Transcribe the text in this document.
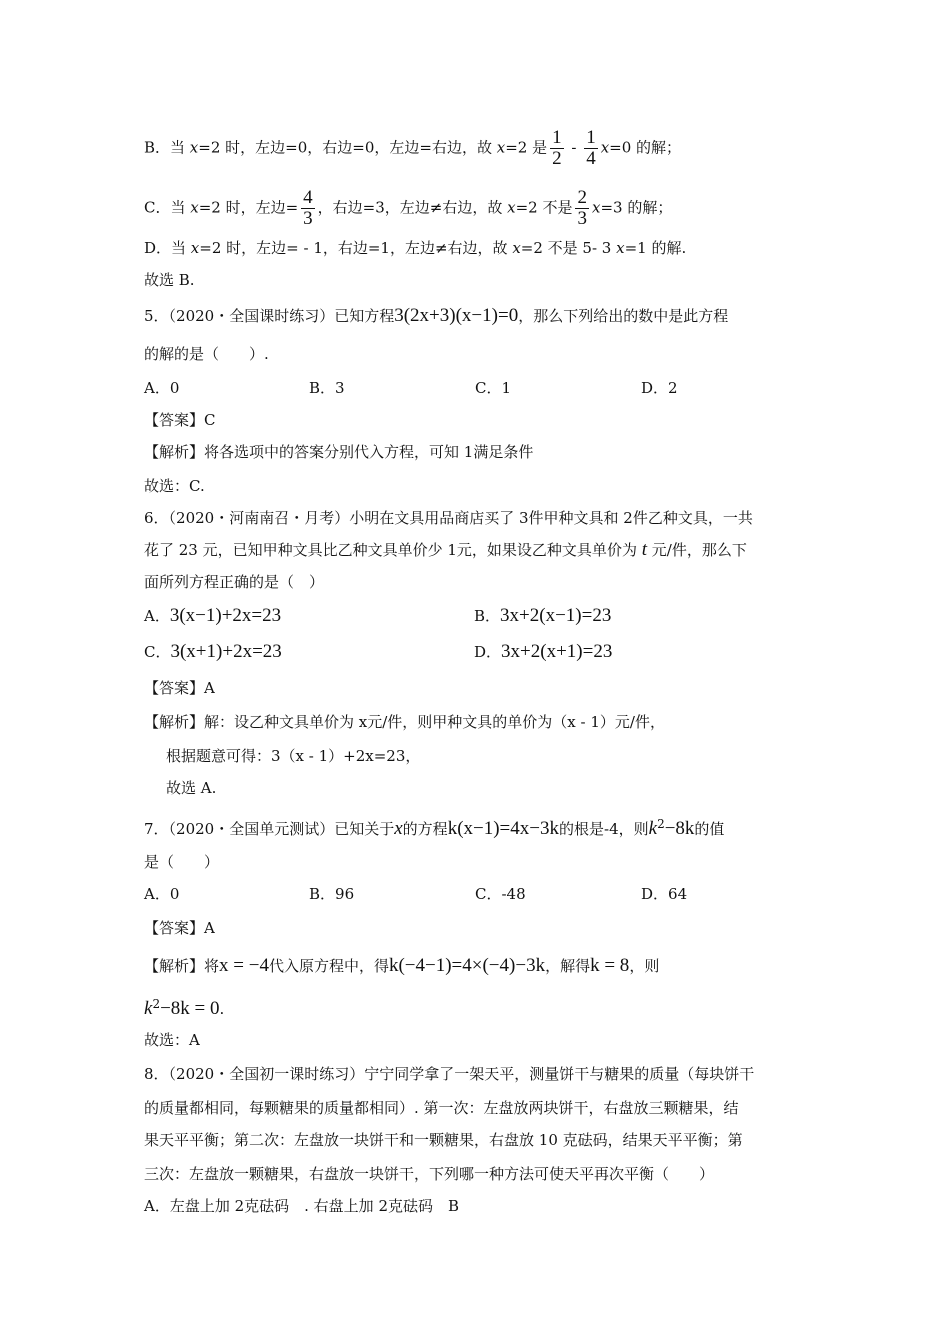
B．当 x=2 时，左边=0，右边=0，左边=右边，故 x=2 是 $\frac{1}{2} - \frac{1}{4} x=0$ 的解；
C．当 x=2 时，左边= $\frac{4}{3}$ ，右边=3，左边≠右边，故 x=2 不是 $\frac{2}{3} x=3$ 的解；
D．当 x=2 时，左边= - 1，右边=1，左边≠右边，故 x=2 不是 5- 3 x=1 的解.
故选 B.
5．（2020・全国课时练习）已知方程3(2x+3)(x−1)=0，那么下列给出的数中是此方程
的解的是（　　）.
A．0	B．3	C．1	D．2
【答案】C
【解析】将各选项中的答案分别代入方程，可知 1满足条件
故选：C.
6．（2020・河南南召・月考）小明在文具用品商店买了 3件甲种文具和 2件乙种文具，一共
花了 23 元，已知甲种文具比乙种文具单价少 1元，如果设乙种文具单价为 t 元/件，那么下
面所列方程正确的是（　）
A．3(x−1)+2x=23	B．3x+2(x−1)=23
C．3(x+1)+2x=23	D．3x+2(x+1)=23
【答案】A
【解析】解：设乙种文具单价为 x元/件，则甲种文具的单价为（x - 1）元/件，
根据题意可得：3（x - 1）+2x=23，
故选 A.
7．（2020・全国单元测试）已知关于x的方程k(x−1)=4x−3k的根是-4，则$k^2-8k$的值
是（　　）
A．0	B．96	C．-48	D．64
【答案】A
【解析】将x = −4代入原方程中，得k(−4−1)=4×(−4)−3k，解得k = 8，则
$k^2-8k = 0$.
故选：A
8．（2020・全国初一课时练习）宁宁同学拿了一架天平，测量饼干与糖果的质量（每块饼干
的质量都相同，每颗糖果的质量都相同）. 第一次：左盘放两块饼干，右盘放三颗糖果，结
果天平平衡；第二次：左盘放一块饼干和一颗糖果，右盘放 10 克砝码，结果天平平衡；第
三次：左盘放一颗糖果，右盘放一块饼干，下列哪一种方法可使天平再次平衡（　　）
A．左盘上加 2克砝码　. 右盘上加 2克砝码　B
